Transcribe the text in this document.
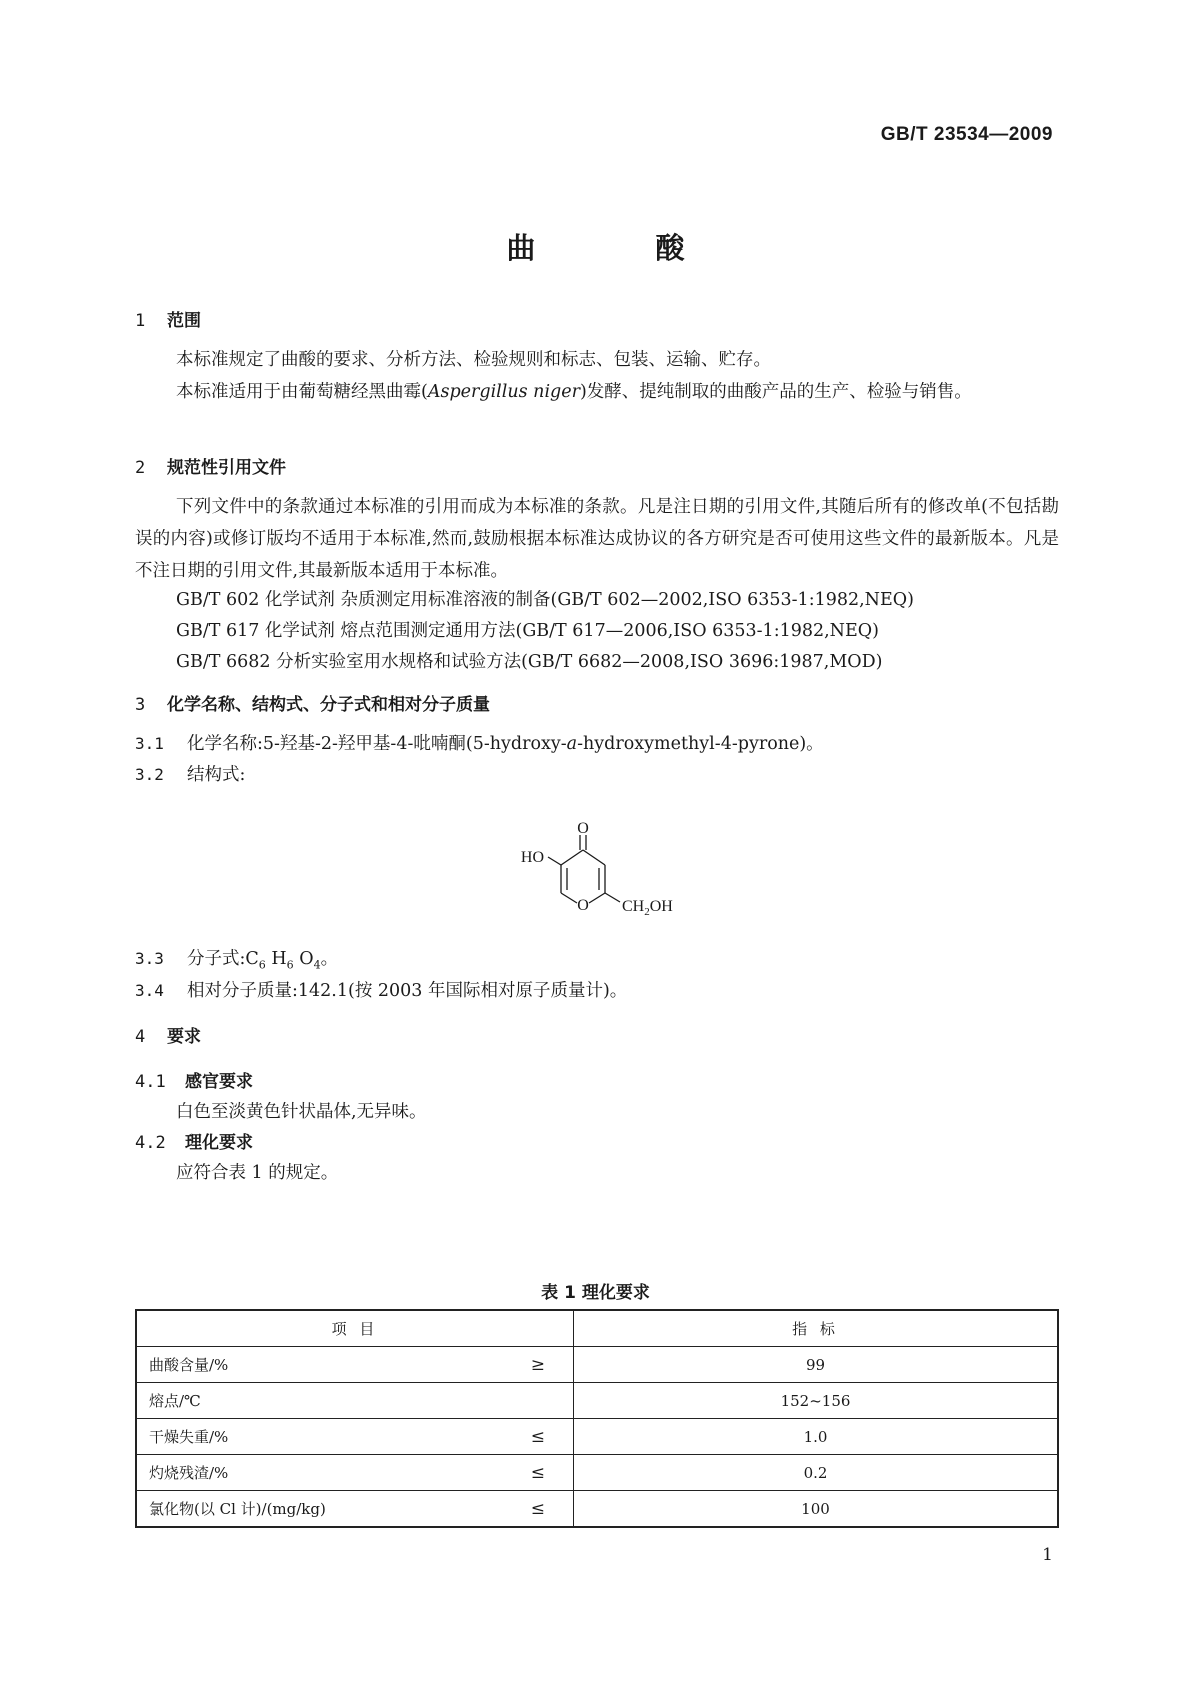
GB/T 23534—2009
曲	酸
1 范围
本标准规定了曲酸的要求、分析方法、检验规则和标志、包装、运输、贮存。
本标准适用于由葡萄糖经黑曲霉(Aspergillus niger)发酵、提纯制取的曲酸产品的生产、检验与销售。
2 规范性引用文件
下列文件中的条款通过本标准的引用而成为本标准的条款。凡是注日期的引用文件,其随后所有的修改单(不包括勘误的内容)或修订版均不适用于本标准,然而,鼓励根据本标准达成协议的各方研究是否可使用这些文件的最新版本。凡是不注日期的引用文件,其最新版本适用于本标准。
GB/T 602 化学试剂 杂质测定用标准溶液的制备(GB/T 602—2002,ISO 6353-1:1982,NEQ)
GB/T 617 化学试剂 熔点范围测定通用方法(GB/T 617—2006,ISO 6353-1:1982,NEQ)
GB/T 6682 分析实验室用水规格和试验方法(GB/T 6682—2008,ISO 3696:1987,MOD)
3 化学名称、结构式、分子式和相对分子质量
3.1 化学名称:5-羟基-2-羟甲基-4-吡喃酮(5-hydroxy-a-hydroxymethyl-4-pyrone)。
3.2 结构式:
O
HO
O $CH_2OH$
3.3 分子式$:C_6$ $H_6$ $O_4$。
3.4 相对分子质量:142.1(按 2003 年国际相对原子质量计)。
4 要求
4.1 感官要求
白色至淡黄色针状晶体,无异味。
4.2 理化要求
应符合表 1 的规定。
表 1 理化要求
项 目	指 标
曲酸含量/% ≥	99
熔点/℃	152~156
干燥失重/% ≤	1.0
灼烧残渣/% ≤	0.2
氯化物(以 Cl 计)/(mg/kg) ≤	100
1
